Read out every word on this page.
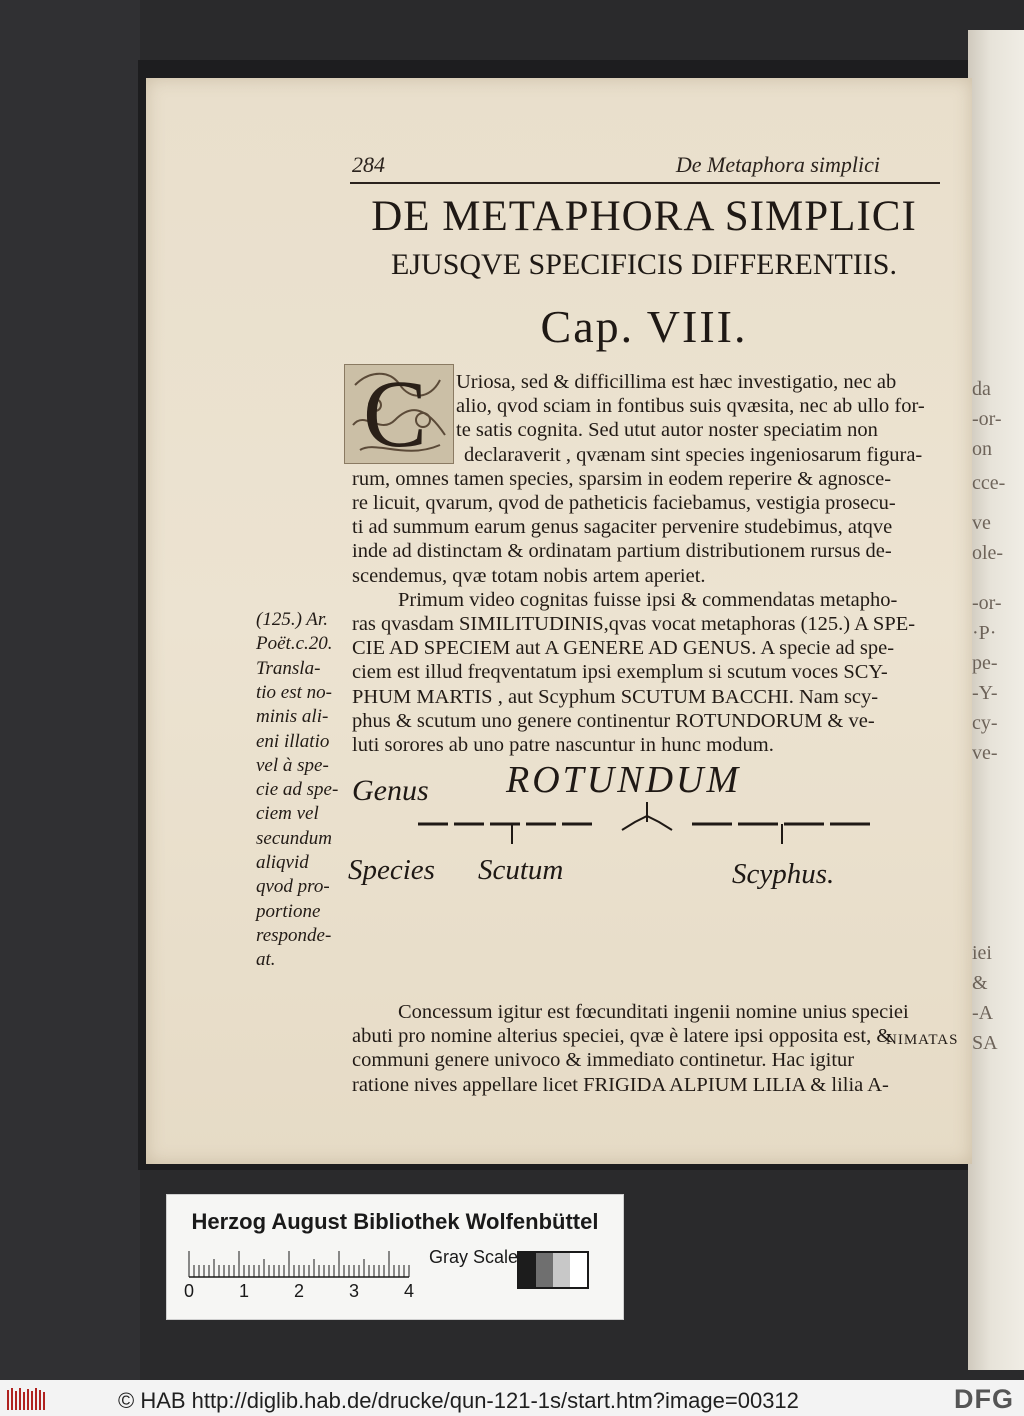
da
-or-
on
cce-
ve
ole-
-or-
·P·
pe-
-Y-
cy-
ve-
iei
&
-A
SA
284	De Metaphora simplici
DE METAPHORA SIMPLICI
EJUSQVE SPECIFICIS DIFFERENTIIS.
Cap. VIII.
C Uriosa, sed & difficillima est hæc investigatio, nec ab
alio, qvod sciam in fontibus suis qvæsita, nec ab ullo for-
te satis cognita. Sed utut autor noster speciatim non
declaraverit , qvænam sint species ingeniosarum figura-
rum, omnes tamen species, sparsim in eodem reperire & agnosce-
re licuit, qvarum, qvod de patheticis faciebamus, vestigia prosecu-
ti ad summum earum genus sagaciter pervenire studebimus, atqve
inde ad distinctam & ordinatam partium distributionem rursus de-
scendemus, qvæ totam nobis artem aperiet.
Primum video cognitas fuisse ipsi & commendatas metapho-
ras qvasdam SIMILITUDINIS,qvas vocat metaphoras (125.) A SPE-
CIE AD SPECIEM aut A GENERE AD GENUS. A specie ad spe-
ciem est illud freqventatum ipsi exemplum si scutum voces SCY-
PHUM MARTIS , aut Scyphum SCUTUM BACCHI. Nam scy-
phus & scutum uno genere continentur ROTUNDORUM & ve-
luti sorores ab uno patre nascuntur in hunc modum.
Concessum igitur est fœcunditati ingenii nomine unius speciei
abuti pro nomine alterius speciei, qvæ è latere ipsi opposita est, &
communi genere univoco & immediato continetur. Hac igitur
ratione nives appellare licet FRIGIDA ALPIUM LILIA & lilia A-
(125.) Ar.
Poët.c.20.
Transla-
tio est no-
minis ali-
eni illatio
vel à spe-
cie ad spe-
ciem vel
secundum
aliqvid
qvod pro-
portione
responde-
at.
Genus ROTUNDUM
Species Scutum	Scyphus.
NIMATAS
Herzog August Bibliothek Wolfenbüttel
0 1 2 3 4
Gray Scale
© HAB http://diglib.hab.de/drucke/qun-121-1s/start.htm?image=00312	DFG
